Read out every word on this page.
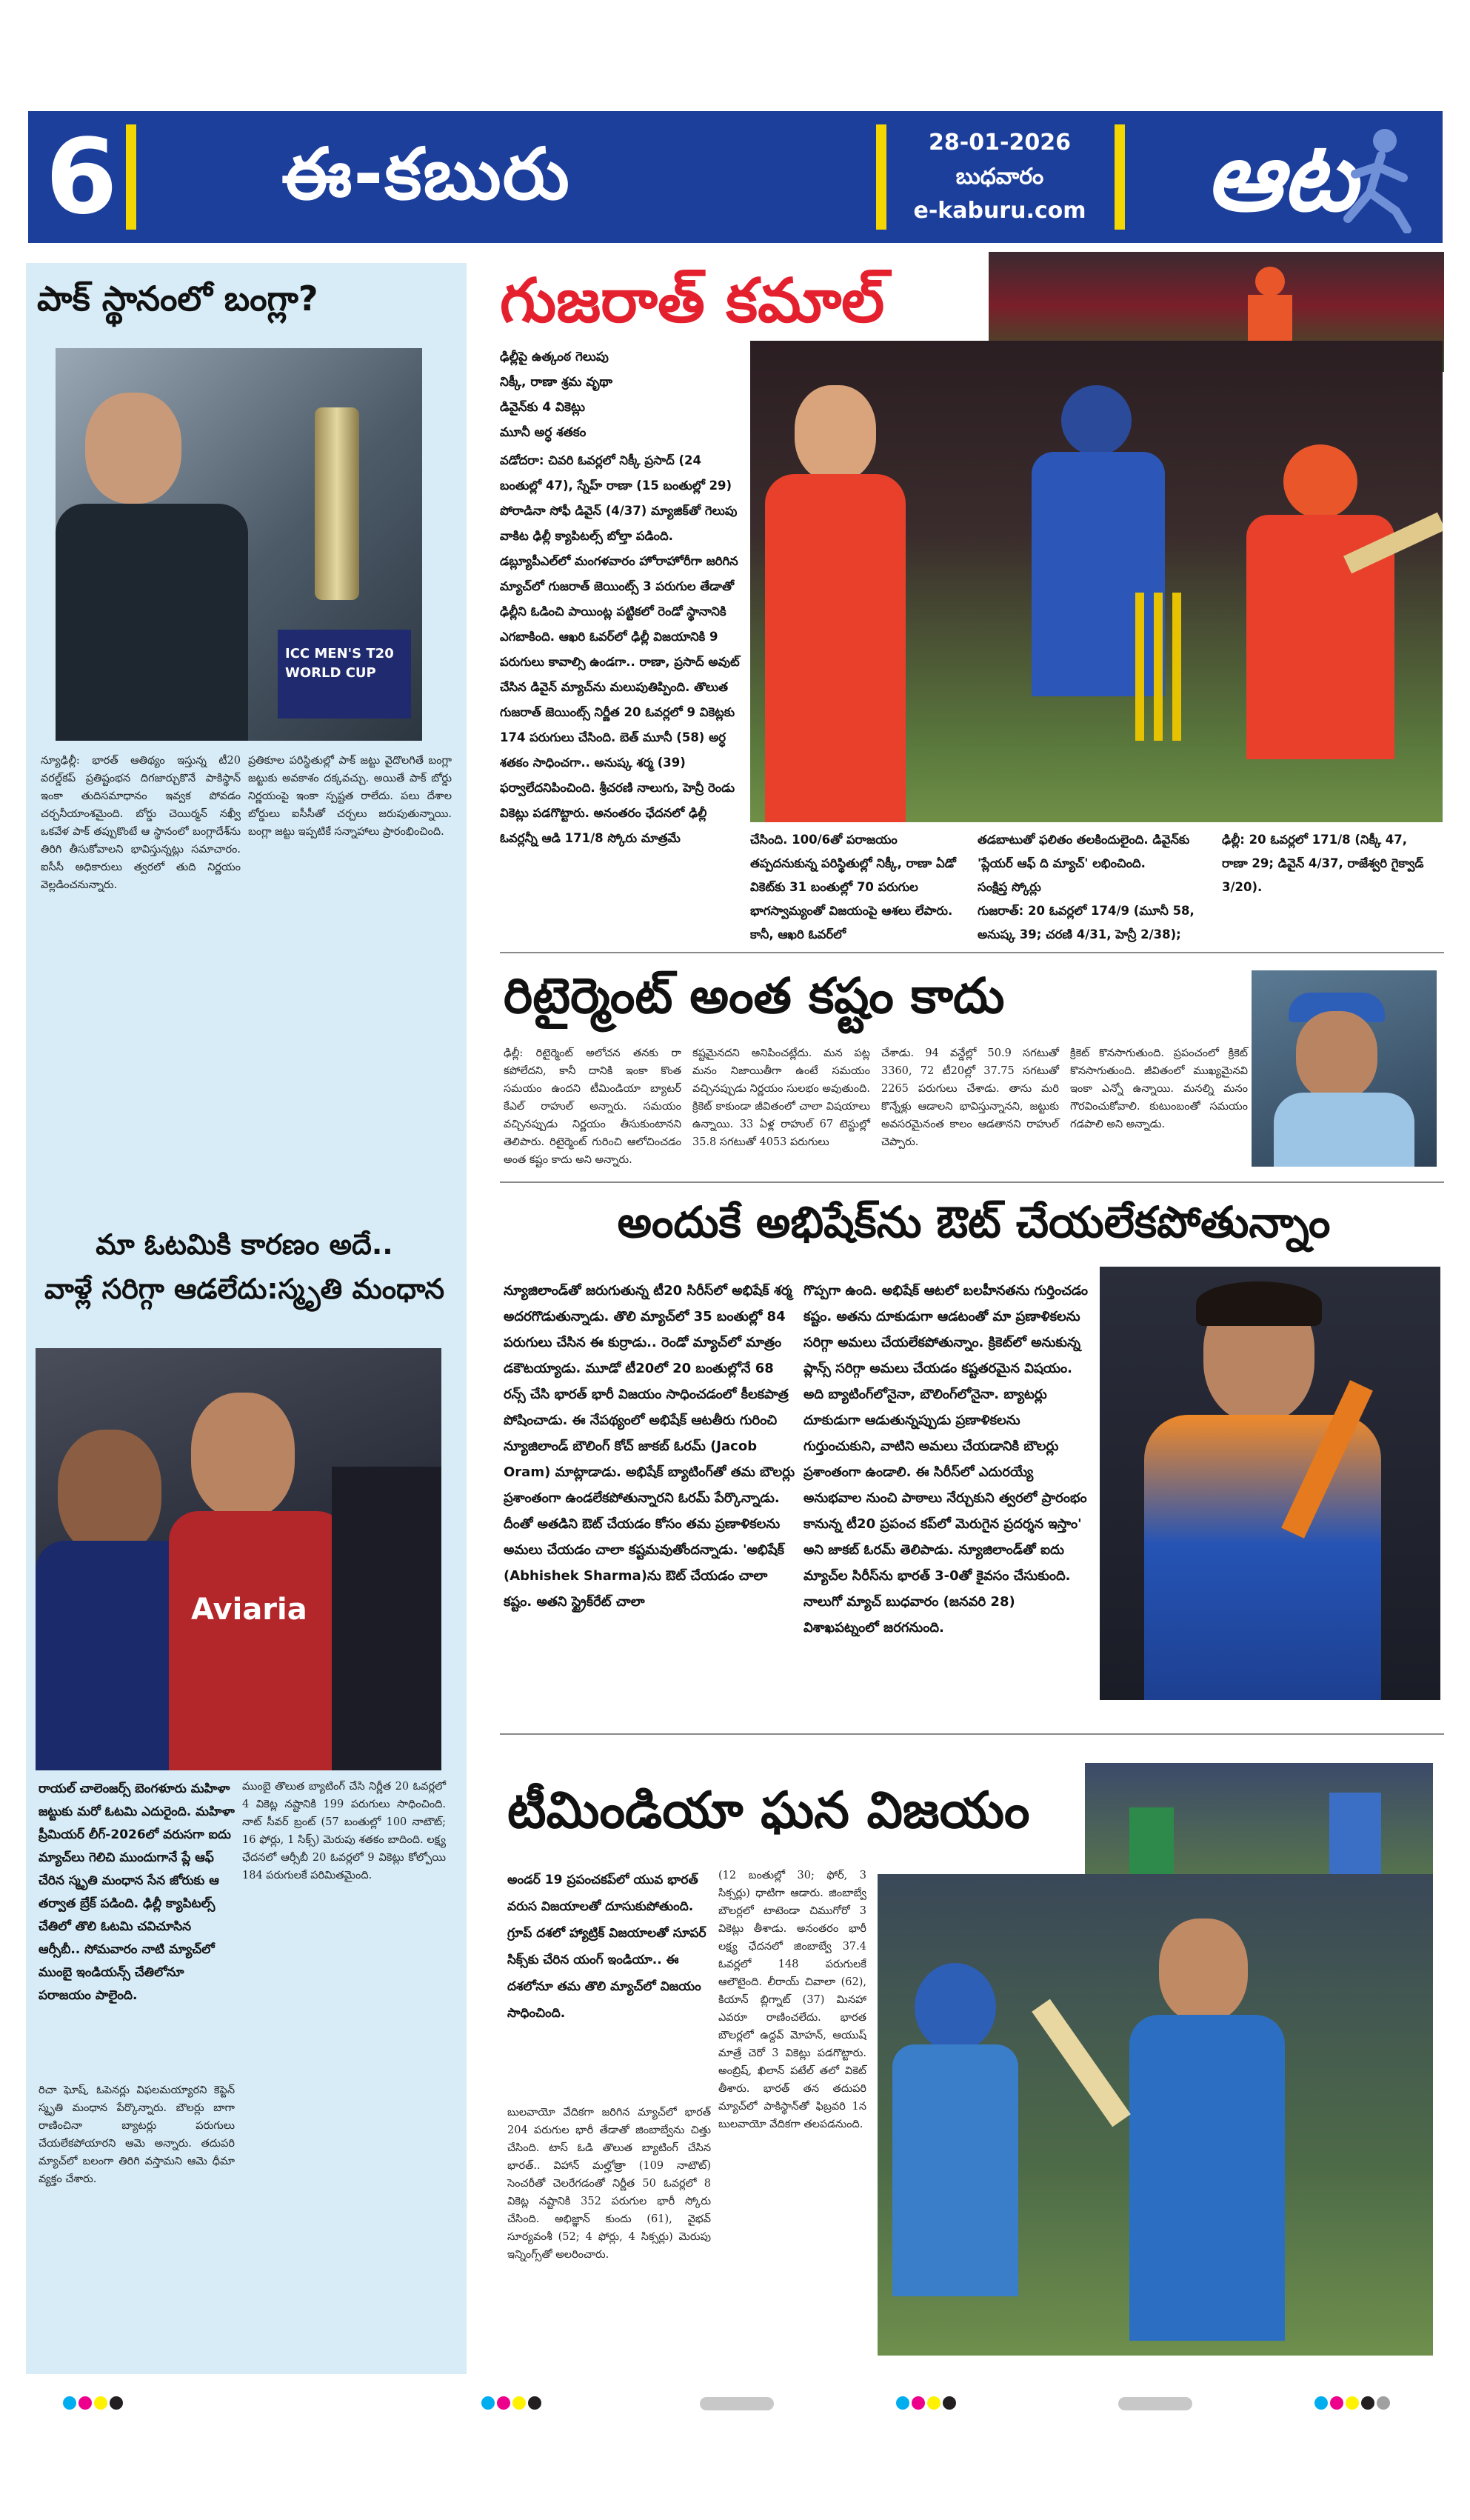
6 ఈ-కబురు	28-01-2026
బుధవారం
e-kaburu.com	ఆట
పాక్ స్థానంలో బంగ్లా?
ICC MEN'S T20 WORLD CUP
న్యూఢిల్లీ: భారత్ ఆతిథ్యం ఇస్తున్న టీ20 వరల్డ్‌కప్ ప్రతిష్టంభన దిగజార్చుకొనే పాకిస్థాన్ ఇంకా తుదిసమాధానం ఇవ్వక పోవడం చర్చనీయాంశమైంది. బోర్డు చెయిర్మన్ నఖ్వీ ఒకవేళ పాక్ తప్పుకొంటే ఆ స్థానంలో బంగ్లాదేశ్‌ను తిరిగి తీసుకోవాలని భావిస్తున్నట్లు సమాచారం. ఐసీసీ అధికారులు త్వరలో తుది నిర్ణయం వెల్లడించనున్నారు.
ప్రతికూల పరిస్థితుల్లో పాక్ జట్టు వైదొలగితే బంగ్లా జట్టుకు అవకాశం దక్కవచ్చు. అయితే పాక్ బోర్డు నిర్ణయంపై ఇంకా స్పష్టత రాలేదు. పలు దేశాల బోర్డులు ఐసీసీతో చర్చలు జరుపుతున్నాయి. బంగ్లా జట్టు ఇప్పటికే సన్నాహాలు ప్రారంభించింది.
మా ఓటమికి కారణం అదే..
వాళ్లే సరిగ్గా ఆడలేదు:స్మృతి మంధాన
Aviaria
రాయల్ చాలెంజర్స్ బెంగళూరు మహిళా జట్టుకు మరో ఓటమి ఎదురైంది. మహిళా ప్రీమియర్ లీగ్-2026లో వరుసగా ఐదు మ్యాచ్‌లు గెలిచి ముందుగానే ప్లే ఆఫ్ చేరిన స్మృతి మంధాన సేన జోరుకు ఆ తర్వాత బ్రేక్ పడింది. ఢిల్లీ క్యాపిటల్స్ చేతిలో తొలి ఓటమి చవిచూసిన ఆర్సీబీ.. సోమవారం నాటి మ్యాచ్‌లో ముంబై ఇండియన్స్ చేతిలోనూ పరాజయం పాలైంది.
రిచా ఘోష్, ఓపెనర్లు విఫలమయ్యారని కెప్టెన్ స్మృతి మంధాన పేర్కొన్నారు. బౌలర్లు బాగా రాణించినా బ్యాటర్లు పరుగులు చేయలేకపోయారని ఆమె అన్నారు. తదుపరి మ్యాచ్‌లో బలంగా తిరిగి వస్తామని ఆమె ధీమా వ్యక్తం చేశారు.
ముంబై తొలుత బ్యాటింగ్ చేసి నిర్ణీత 20 ఓవర్లలో 4 వికెట్ల నష్టానికి 199 పరుగులు సాధించింది. నాట్ సీవర్ బ్రంట్ (57 బంతుల్లో 100 నాటౌట్; 16 ఫోర్లు, 1 సిక్స్) మెరుపు శతకం బాదింది. లక్ష్య ఛేదనలో ఆర్సీబీ 20 ఓవర్లలో 9 వికెట్లు కోల్పోయి 184 పరుగులకే పరిమితమైంది.
గుజరాత్ కమాల్
ఢిల్లీపై ఉత్కంఠ గెలుపు
నిక్కీ, రాణా శ్రమ వృథా
డివైన్‌కు 4 వికెట్లు
మూనీ అర్ధ శతకం
వడోదరా: చివరి ఓవర్లలో నిక్కీ ప్రసాద్ (24 బంతుల్లో 47), స్నేహ్ రాణా (15 బంతుల్లో 29) పోరాడినా సోఫీ డివైన్ (4/37) మ్యాజిక్‌తో గెలుపు వాకిట ఢిల్లీ క్యాపిటల్స్ బోల్తా పడింది. డబ్ల్యూపీఎల్‌లో మంగళవారం హోరాహోరీగా జరిగిన మ్యాచ్‌లో గుజరాత్ జెయింట్స్ 3 పరుగుల తేడాతో ఢిల్లీని ఓడించి పాయింట్ల పట్టికలో రెండో స్థానానికి ఎగబాకింది. ఆఖరి ఓవర్‌లో ఢిల్లీ విజయానికి 9 పరుగులు కావాల్సి ఉండగా.. రాణా, ప్రసాద్ అవుట్ చేసిన డివైన్ మ్యాచ్‌ను మలుపుతిప్పింది. తొలుత గుజరాత్ జెయింట్స్ నిర్ణీత 20 ఓవర్లలో 9 వికెట్లకు 174 పరుగులు చేసింది. బెత్ మూనీ (58) అర్ధ శతకం సాధించగా.. అనుష్క శర్మ (39) ఫర్వాలేదనిపించింది. శ్రీచరణి నాలుగు, హెన్రీ రెండు వికెట్లు పడగొట్టారు. అనంతరం ఛేదనలో ఢిల్లీ ఓవర్లన్నీ ఆడి 171/8 స్కోరు మాత్రమే	చేసింది. 100/6తో పరాజయం తప్పదనుకున్న పరిస్థితుల్లో నిక్కీ, రాణా ఏడో వికెట్‌కు 31 బంతుల్లో 70 పరుగుల భాగస్వామ్యంతో విజయంపై ఆశలు లేపారు. కానీ, ఆఖరి ఓవర్‌లో
తడబాటుతో ఫలితం తలకిందులైంది. డివైన్‌కు 'ప్లేయర్ ఆఫ్ ది మ్యాచ్' లభించింది.
సంక్షిప్త స్కోర్లు
గుజరాత్: 20 ఓవర్లలో 174/9 (మూనీ 58, అనుష్క 39; చరణి 4/31, హెన్రీ 2/38);
ఢిల్లీ: 20 ఓవర్లలో 171/8 (నిక్కీ 47, రాణా 29; డివైన్ 4/37, రాజేశ్వరి గైక్వాడ్ 3/20).
రిటైర్మెంట్ అంత కష్టం కాదు
ఢిల్లీ: రిటైర్మెంట్ అలోచన తనకు రా కపోలేదని, కానీ దానికి ఇంకా కొంత సమయం ఉందని టీమిండియా బ్యాటర్ కేఎల్ రాహుల్ అన్నారు. సమయం వచ్చినప్పుడు నిర్ణయం తీసుకుంటానని తెలిపారు. రిటైర్మెంట్ గురించి ఆలోచించడం అంత కష్టం కాదు అని అన్నారు.
కష్టమైనదని అనిపించట్లేదు. మన పట్ల మనం నిజాయితీగా ఉంటే సమయం వచ్చినప్పుడు నిర్ణయం సులభం అవుతుంది. క్రికెట్ కాకుండా జీవితంలో చాలా విషయాలు ఉన్నాయి. 33 ఏళ్ల రాహుల్ 67 టెస్టుల్లో 35.8 సగటుతో 4053 పరుగులు
చేశాడు. 94 వన్డేల్లో 50.9 సగటుతో 3360, 72 టీ20ల్లో 37.75 సగటుతో 2265 పరుగులు చేశాడు. తాను మరి కొన్నేళ్లు ఆడాలని భావిస్తున్నానని, జట్టుకు అవసరమైనంత కాలం ఆడతానని రాహుల్ చెప్పారు.
క్రికెట్ కొనసాగుతుంది. ప్రపంచంలో క్రికెట్ కొనసాగుతుంది. జీవితంలో ముఖ్యమైనవి ఇంకా ఎన్నో ఉన్నాయి. మనల్ని మనం గౌరవించుకోవాలి. కుటుంబంతో సమయం గడపాలి అని అన్నాడు.
అందుకే అభిషేక్‌ను ఔట్ చేయలేకపోతున్నాం
న్యూజిలాండ్‌తో జరుగుతున్న టీ20 సిరీస్‌లో అభిషేక్ శర్మ అదరగొడుతున్నాడు. తొలి మ్యాచ్‌లో 35 బంతుల్లో 84 పరుగులు చేసిన ఈ కుర్రాడు.. రెండో మ్యాచ్‌లో మాత్రం డకౌటయ్యాడు. మూడో టీ20లో 20 బంతుల్లోనే 68 రన్స్ చేసి భారత్ భారీ విజయం సాధించడంలో కీలకపాత్ర పోషించాడు. ఈ నేపథ్యంలో అభిషేక్ ఆటతీరు గురించి న్యూజిలాండ్ బౌలింగ్ కోచ్ జాకబ్ ఓరమ్ (Jacob Oram) మాట్లాడాడు. అభిషేక్ బ్యాటింగ్‌తో తమ బౌలర్లు ప్రశాంతంగా ఉండలేకపోతున్నారని ఓరమ్ పేర్కొన్నాడు. దీంతో అతడిని ఔట్ చేయడం కోసం తమ ప్రణాళికలను అమలు చేయడం చాలా కష్టమవుతోందన్నాడు. 'అభిషేక్ (Abhishek Sharma)ను ఔట్ చేయడం చాలా కష్టం. అతని స్ట్రైక్‌రేట్ చాలా
గొప్పగా ఉంది. అభిషేక్ ఆటలో బలహీనతను గుర్తించడం కష్టం. అతను దూకుడుగా ఆడటంతో మా ప్రణాళికలను సరిగ్గా అమలు చేయలేకపోతున్నాం. క్రికెట్‌లో అనుకున్న ప్లాన్స్ సరిగ్గా అమలు చేయడం కష్టతరమైన విషయం. అది బ్యాటింగ్‌లోనైనా, బౌలింగ్‌లోనైనా. బ్యాటర్లు దూకుడుగా ఆడుతున్నప్పుడు ప్రణాళికలను గుర్తుంచుకుని, వాటిని అమలు చేయడానికి బౌలర్లు ప్రశాంతంగా ఉండాలి. ఈ సిరీస్‌లో ఎదురయ్యే అనుభవాల నుంచి పాఠాలు నేర్చుకుని త్వరలో ప్రారంభం కానున్న టీ20 ప్రపంచ కప్‌లో మెరుగైన ప్రదర్శన ఇస్తాం' అని జాకబ్ ఓరమ్ తెలిపాడు. న్యూజిలాండ్‌తో ఐదు మ్యాచ్‌ల సిరీస్‌ను భారత్ 3-0తో కైవసం చేసుకుంది. నాలుగో మ్యాచ్ బుధవారం (జనవరి 28) విశాఖపట్నంలో జరగనుంది.
టీమిండియా ఘన విజయం
అండర్ 19 ప్రపంచకప్‌లో యువ భారత్ వరుస విజయాలతో దూసుకుపోతుంది. గ్రూప్ దశలో హ్యాట్రిక్ విజయాలతో సూపర్ సిక్స్‌కు చేరిన యంగ్ ఇండియా.. ఈ దశలోనూ తమ తొలి మ్యాచ్‌లో విజయం సాధించింది.
బులవాయో వేదికగా జరిగిన మ్యాచ్‌లో భారత్ 204 పరుగుల భారీ తేడాతో జింబాబ్వేను చిత్తు చేసింది. టాస్ ఓడి తొలుత బ్యాటింగ్ చేసిన భారత్.. విహాన్ మల్హోత్రా (109 నాటౌట్) సెంచరీతో చెలరేగడంతో నిర్ణీత 50 ఓవర్లలో 8 వికెట్ల నష్టానికి 352 పరుగుల భారీ స్కోరు చేసింది. అభిజ్ఞాన్ కుందు (61), వైభవ్ సూర్యవంశీ (52; 4 ఫోర్లు, 4 సిక్సర్లు) మెరుపు ఇన్నింగ్స్‌తో అలరించారు.
(12 బంతుల్లో 30; ఫోర్, 3 సిక్సర్లు) ధాటిగా ఆడారు. జింబాబ్వే బౌలర్లలో టాటెండా చిముగోరో 3 వికెట్లు తీశాడు. అనంతరం భారీ లక్ష్య ఛేదనలో జింబాబ్వే 37.4 ఓవర్లలో 148 పరుగులకే ఆలౌటైంది. లీరాయ్ చివాలా (62), కియాన్ బ్లిగ్నాట్ (37) మినహా ఎవరూ రాణించలేదు. భారత బౌలర్లలో ఉద్దవ్ మోహన్, ఆయుష్ మాత్రే చెరో 3 వికెట్లు పడగొట్టారు. అంబ్రిష్, ఖిలాన్ పటేల్ తలో వికెట్ తీశారు. భారత్ తన తదుపరి మ్యాచ్‌లో పాకిస్థాన్‌తో ఫిబ్రవరి 1న బులవాయో వేదికగా తలపడనుంది.
